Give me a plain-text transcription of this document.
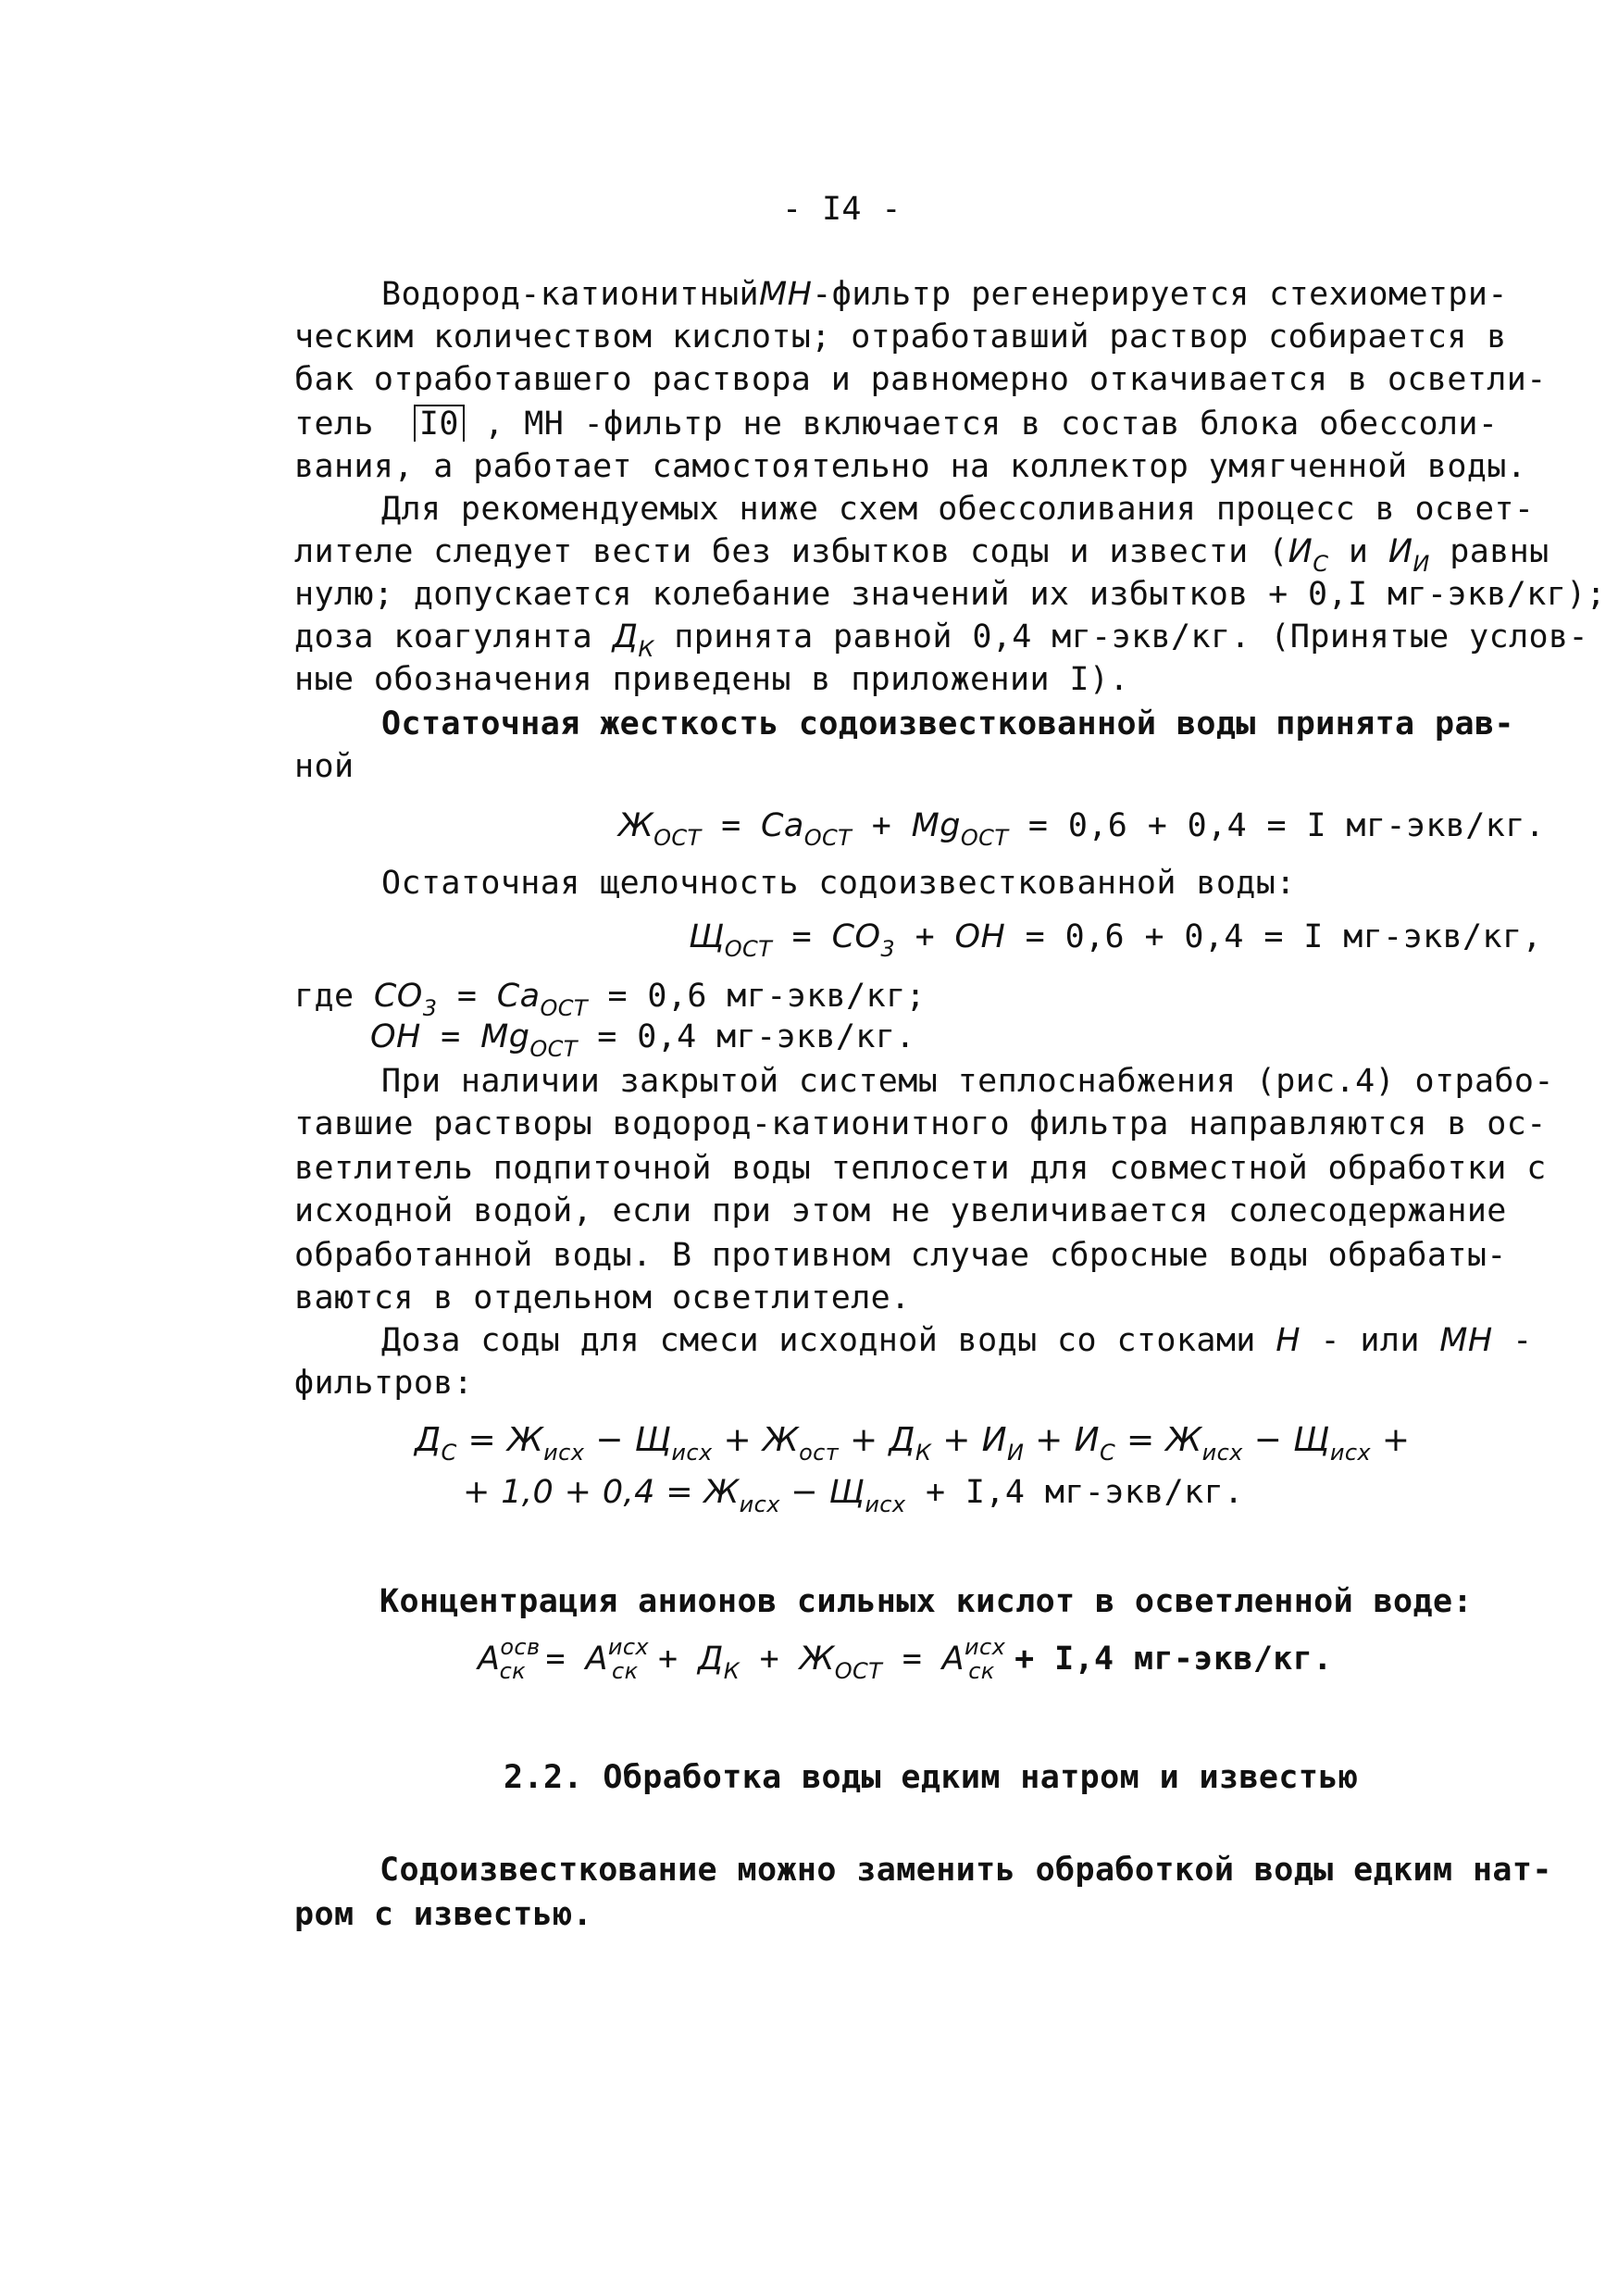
- I4 -
Водород-катионитныйМН-фильтр регенерируется стехиометри-
ческим количеством кислоты; отработавший раствор собирается в
бак отработавшего раствора и равномерно откачивается в осветли-
тель I0 , МН -фильтр не включается в состав блока обессоли-
вания, а работает самостоятельно на коллектор умягченной воды.
Для рекомендуемых ниже схем обессоливания процесс в освет-
лителе следует вести без избытков соды и извести ($И_С$ и $И_И$ равны
нулю; допускается колебание значений их избытков + 0,I мг-экв/кг);
доза коагулянта $Д_К$ принята равной 0,4 мг-экв/кг. (Принятые услов-
ные обозначения приведены в приложении I).
Остаточная жесткость содоизвесткованной воды принята рав-
ной
$Ж_{ОСТ} = Са_{ОСТ} + Мg_{ОСТ} = 0,6 + 0,4 = I$ мг-экв/кг.
Остаточная щелочность содоизвесткованной воды:
$Щ_{ОСТ} = СО_3$ + ОН = 0,6 + 0,4 = I мг-экв/кг,
где $СО_3 = Са_{ОСТ} = 0,6$ мг-экв/кг;
ОН = $Мg_{ОСТ} = 0,4$ мг-экв/кг.
При наличии закрытой системы теплоснабжения (рис.4) отрабо-
тавшие растворы водород-катионитного фильтра направляются в ос-
ветлитель подпиточной воды теплосети для совместной обработки с
исходной водой, если при этом не увеличивается солесодержание
обработанной воды. В противном случае сбросные воды обрабаты-
ваются в отдельном осветлителе.
Доза соды для смеси исходной воды со стоками Н - или МН -
фильтров:
$Д_С = Ж_{исх} - Щ_{исх} + Ж_{ост} + Д_К + И_И + И_С = Ж_{исх} - Щ_{исх}$ +
+ $1,0 + 0,4 = Ж_{исх} - Щ_{исх} + I,4$ мг-экв/кг.
Концентрация анионов сильных кислот в осветленной воде:
$А^{осв}_{ск} = А^{исх}_{ск} + Д_К + Ж_{ОСТ} = А^{исх}_{ск} + I,4$ мг-экв/кг.
2.2. Обработка воды едким натром и известью
Содоизвесткование можно заменить обработкой воды едким нат-
ром с известью.
